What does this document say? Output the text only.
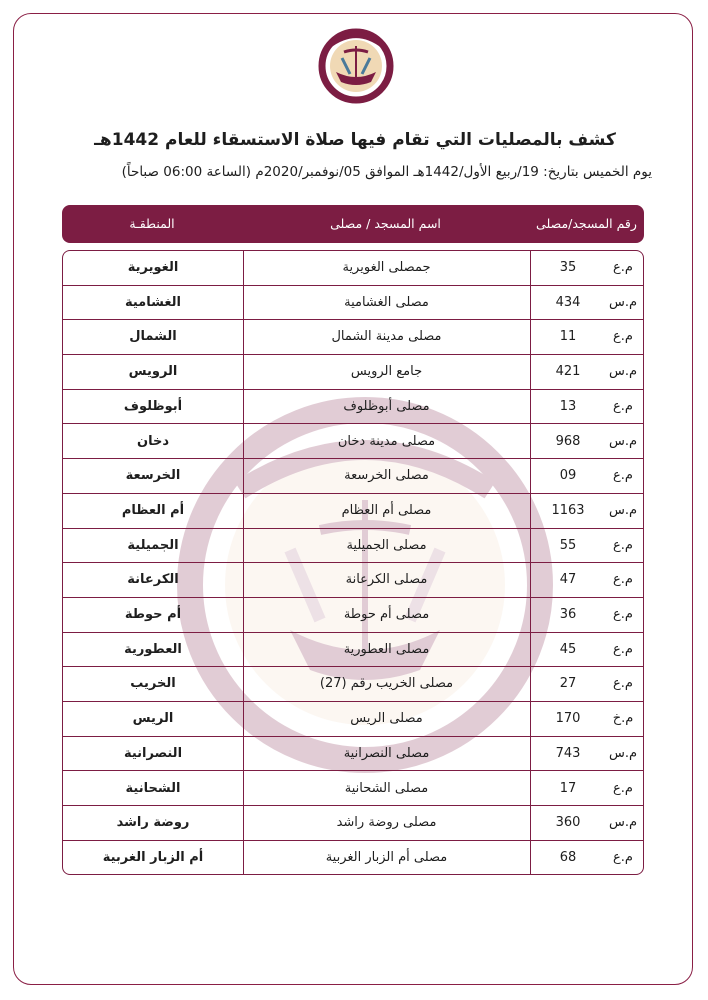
كشف بالمصليات التي تقام فيها صلاة الاستسقاء للعام 1442هـ
يوم الخميس بتاريخ: 19/ربيع الأول/1442هـ الموافق 05/نوفمبر/2020م (الساعة 06:00 صباحاً)
المنطقـة	اسم المسجد / مصلى	رقم المسجد/مصلى
الغويرية	جمصلى الغويرية	35	م.ع
الغشامية	مصلى الغشامية	434	م.س
الشمال	مصلى مدينة الشمال	11	م.ع
الرويس	جامع الرويس	421	م.س
أبوظلوف	مصلى أبوظلوف	13	م.ع
دخان	مصلى مدينة دخان	968	م.س
الخرسعة	مصلى الخرسعة	09	م.ع
أم العظام	مصلى أم العظام	1163	م.س
الجميلية	مصلى الجميلية	55	م.ع
الكرعانة	مصلى الكرعانة	47	م.ع
أم حوطة	مصلى أم حوطة	36	م.ع
العطورية	مصلى العطورية	45	م.ع
الخريب	مصلى الخريب رقم (27)	27	م.ع
الريس	مصلى الريس	170	م.خ
النصرانية	مصلى النصرانية	743	م.س
الشحانية	مصلى الشحانية	17	م.ع
روضة راشد	مصلى روضة راشد	360	م.س
أم الزبار الغربية	مصلى أم الزبار الغربية	68	م.ع
